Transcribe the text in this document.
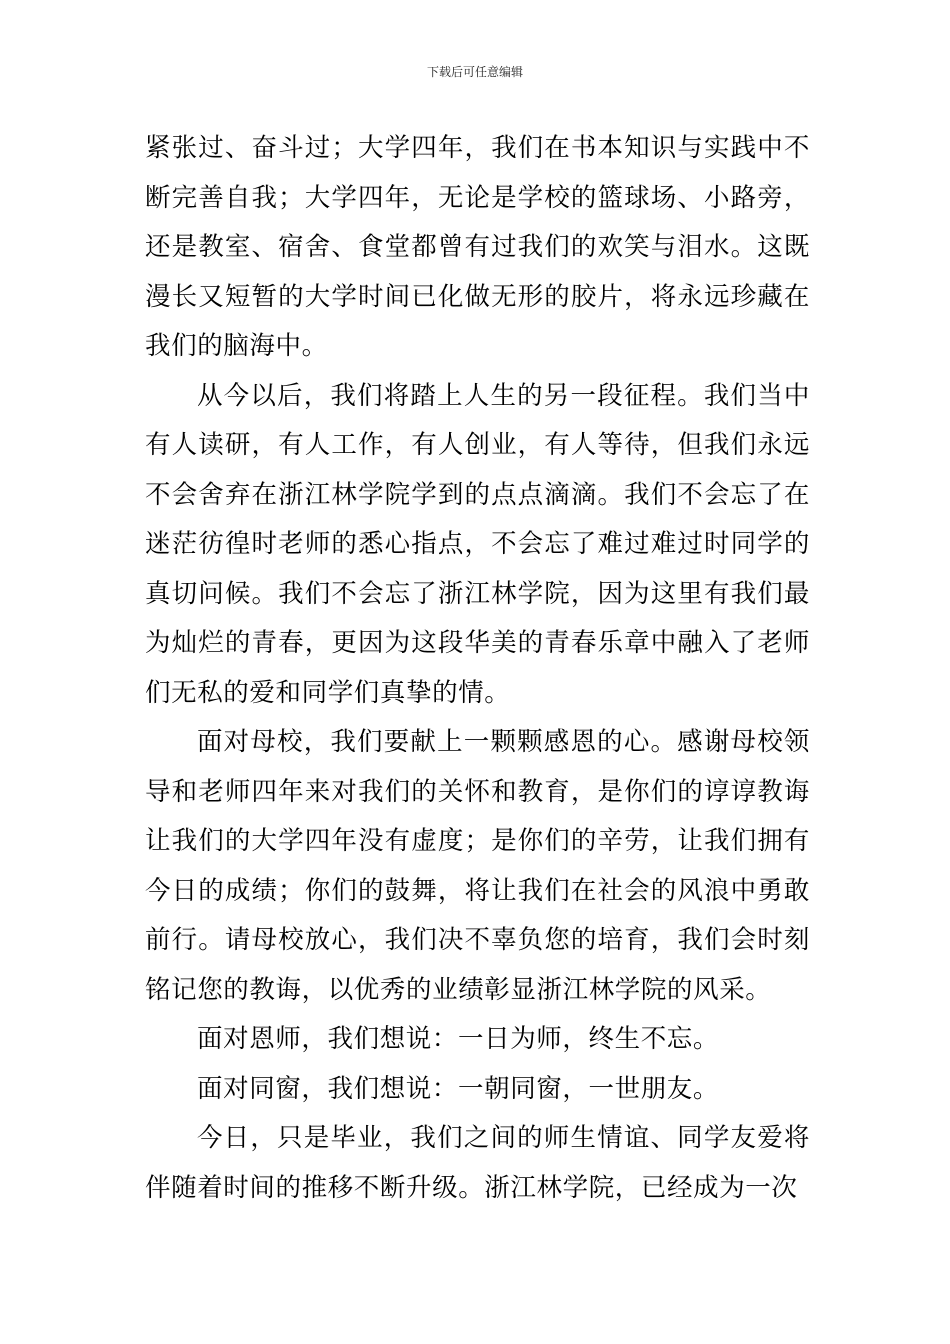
下载后可任意编辑

紧张过、奋斗过；大学四年，我们在书本知识与实践中不断完善自我；大学四年，无论是学校的篮球场、小路旁，还是教室、宿舍、食堂都曾有过我们的欢笑与泪水。这既漫长又短暂的大学时间已化做无形的胶片，将永远珍藏在我们的脑海中。

从今以后，我们将踏上人生的另一段征程。我们当中有人读研，有人工作，有人创业，有人等待，但我们永远不会舍弃在浙江林学院学到的点点滴滴。我们不会忘了在迷茫彷徨时老师的悉心指点，不会忘了难过难过时同学的真切问候。我们不会忘了浙江林学院，因为这里有我们最为灿烂的青春，更因为这段华美的青春乐章中融入了老师们无私的爱和同学们真挚的情。

面对母校，我们要献上一颗颗感恩的心。感谢母校领导和老师四年来对我们的关怀和教育，是你们的谆谆教诲让我们的大学四年没有虚度；是你们的辛劳，让我们拥有今日的成绩；你们的鼓舞，将让我们在社会的风浪中勇敢前行。请母校放心，我们决不辜负您的培育，我们会时刻铭记您的教诲，以优秀的业绩彰显浙江林学院的风采。

面对恩师，我们想说：一日为师，终生不忘。

面对同窗，我们想说：一朝同窗，一世朋友。

今日，只是毕业，我们之间的师生情谊、同学友爱将伴随着时间的推移不断升级。浙江林学院，已经成为一次
